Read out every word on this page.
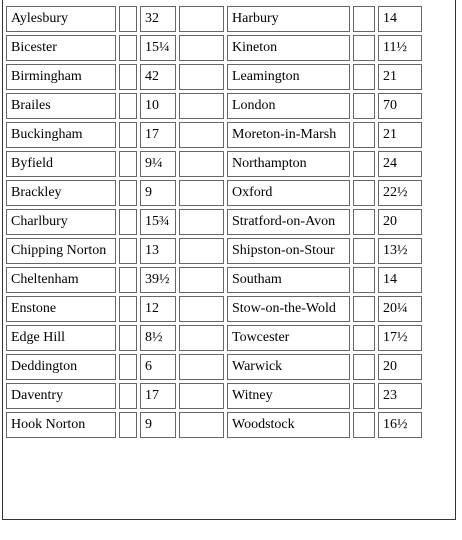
Aylesbury		32		Harbury		14
Bicester		15¼		Kineton		11½
Birmingham		42		Leamington		21
Brailes		10		London		70
Buckingham		17		Moreton-in-Marsh		21
Byfield		9¼		Northampton		24
Brackley		9		Oxford		22½
Charlbury		15¾		Stratford-on-Avon		20
Chipping Norton		13		Shipston-on-Stour		13½
Cheltenham		39½		Southam		14
Enstone		12		Stow-on-the-Wold		20¼
Edge Hill		8½		Towcester		17½
Deddington		6		Warwick		20
Daventry		17		Witney		23
Hook Norton		9		Woodstock		16½
